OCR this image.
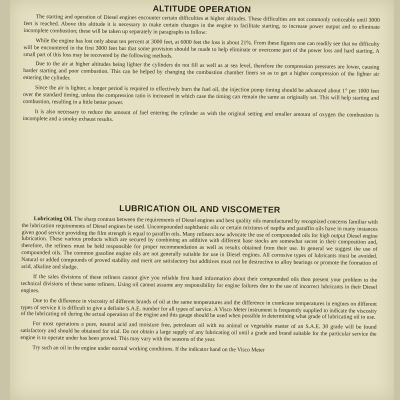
ALTITUDE OPERATION

The starting and operation of Diesel engines encounter certain difficulties at higher altitudes. These difficulties are not commonly noticeable until 3000 feet is reached. Above this altitude it is necessary to make certain changes in the engine to facilitate starting, to increase power output and to eliminate incomplete combustion; these will be taken up separately in paragraphs to follow:

While the engine has lost only about ten percent at 3000 feet, at 6000 feet the loss is about 21%. From these figures one can readily see that no difficulty will be encountered in the first 3000 feet but that some provision should be made to help eliminate or overcome part of the power loss and hard starting. A small part of this loss may be recovered by the following methods.

Due to the air at higher altitudes being lighter the cylinders do not fill as well as at sea level, therefore the compression pressures are lower, causing harder starting and poor combustion. This can be helped by changing the combustion chamber liners so as to get a higher compression of the lighter air entering the cylinder.

Since the air is lighter, a longer period is required to effectively burn the fuel oil, the injection pump timing should be advanced about 1° per 1000 feet over the standard timing, unless the compression ratio is increased in which case the timing can remain the same as originally set. This will help starting and combustion, resulting in a little better power.

It is also necessary to reduce the amount of fuel entering the cylinder as with the original setting and smaller amount of oxygen the combustion is incomplete and a smoky exhaust results.

LUBRICATION OIL AND VISCOMETER

Lubricating Oil. The sharp contrast between the requirements of Diesel engines and best quality oils manufactured by recognized concerns familiar with the lubrication requirements of Diesel engines be used. Uncompounded naphthenic oils or certain mixtures of naptha and paraffin oils have in many instances given good service providing the film strength is equal to paraffin oils. Many refiners now advocate the use of compounded oils for high output Diesel engine lubrication. These various products which are secured by combining an additive with different base stocks are somewhat secret in their composition and, therefore, the refiners must be held responsible for proper recommendation as well as results obtained from their use. In general we suggest the use of compounded oils. The common gasoline engine oils are not generally suitable for use in Diesel engines. All corrosive types of lubricants must be avoided. Natural or added compounds of proved stability and merit are satisfactory but additives must not be destructive to alloy bearings or promote the formation of acid, alkaline and sludge.

If the sales divisions of these refiners cannot give you reliable first hand information about their compounded oils then present your problem to the technical divisions of these same refiners. Using oil cannot assume any responsibility for engine failures due to the use of incorrect lubricants in their Diesel engines.

Due to the difference in viscosity of different brands of oil at the same temperatures and the difference in crankcase temperatures in engines on different types of service it is difficult to give a definite S.A.E. number for all types of service. A Visco Meter instrument is frequently supplied to indicate the viscosity of the lubricating oil during the actual operation of the engine and this gauge should be used when possible in determining what grade of lubricating oil to use.

For most operations a pure, neutral acid and moisture free, petroleum oil with no animal or vegetable matter of an S.A.E. 30 grade will be found satisfactory and should be obtained for trial. Do not obtain a large supply of any lubricating oil until a grade and brand suitable for the particular service the engine is to operate under has been proved. This may vary with the seasons of the year.

Try such an oil in the engine under normal working conditions. If the indicator hand on the Visco Meter
